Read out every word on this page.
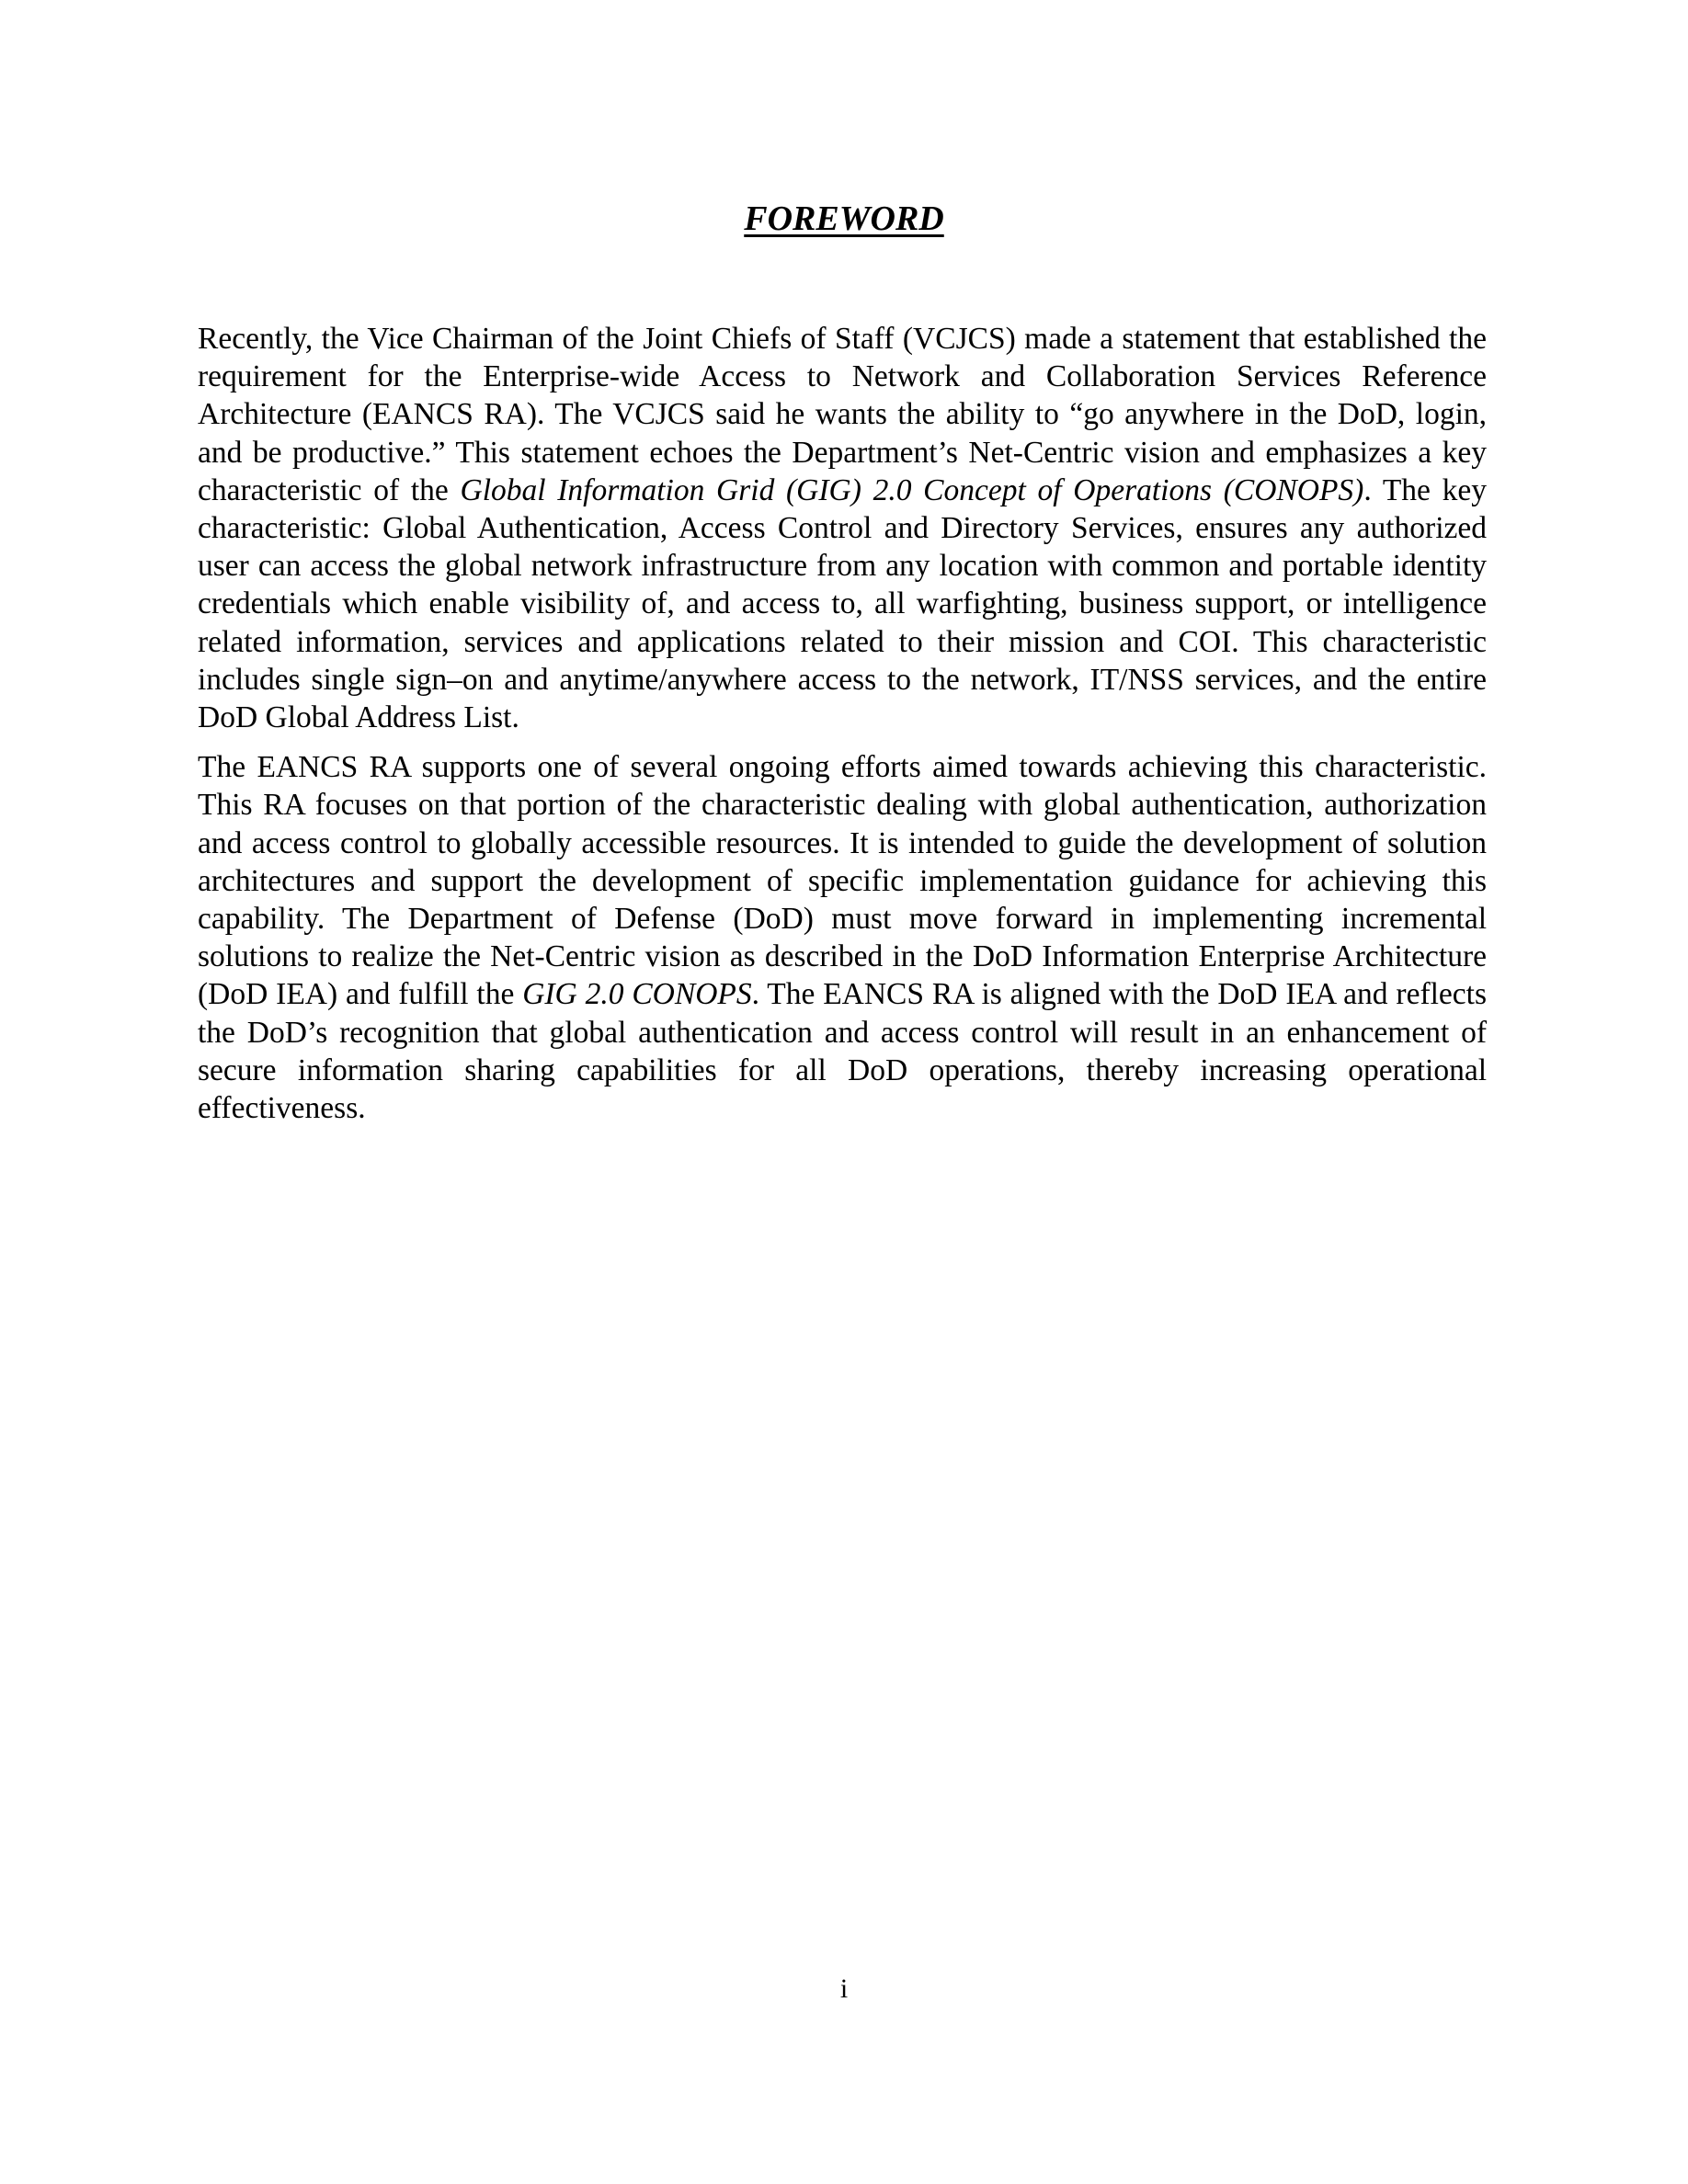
FOREWORD

Recently, the Vice Chairman of the Joint Chiefs of Staff (VCJCS) made a statement that established the requirement for the Enterprise-wide Access to Network and Collaboration Services Reference Architecture (EANCS RA). The VCJCS said he wants the ability to “go anywhere in the DoD, login, and be productive.” This statement echoes the Department’s Net-Centric vision and emphasizes a key characteristic of the Global Information Grid (GIG) 2.0 Concept of Operations (CONOPS). The key characteristic: Global Authentication, Access Control and Directory Services, ensures any authorized user can access the global network infrastructure from any location with common and portable identity credentials which enable visibility of, and access to, all warfighting, business support, or intelligence related information, services and applications related to their mission and COI. This characteristic includes single sign–on and anytime/anywhere access to the network, IT/NSS services, and the entire DoD Global Address List.

The EANCS RA supports one of several ongoing efforts aimed towards achieving this characteristic. This RA focuses on that portion of the characteristic dealing with global authentication, authorization and access control to globally accessible resources. It is intended to guide the development of solution architectures and support the development of specific implementation guidance for achieving this capability. The Department of Defense (DoD) must move forward in implementing incremental solutions to realize the Net-Centric vision as described in the DoD Information Enterprise Architecture (DoD IEA) and fulfill the GIG 2.0 CONOPS. The EANCS RA is aligned with the DoD IEA and reflects the DoD’s recognition that global authentication and access control will result in an enhancement of secure information sharing capabilities for all DoD operations, thereby increasing operational effectiveness.

i
